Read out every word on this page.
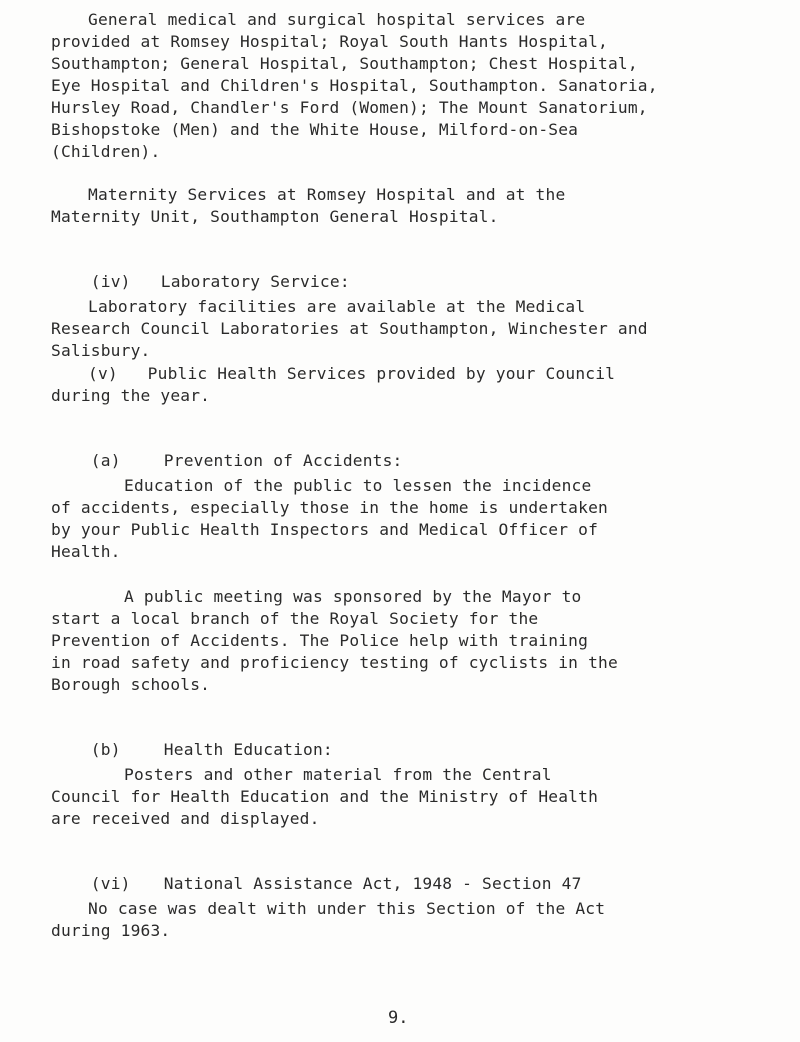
General medical and surgical hospital services are
provided at Romsey Hospital; Royal South Hants Hospital,
Southampton; General Hospital, Southampton; Chest Hospital,
Eye Hospital and Children's Hospital, Southampton. Sanatoria,
Hursley Road, Chandler's Ford (Women); The Mount Sanatorium,
Bishopstoke (Men) and the White House, Milford-on-Sea
(Children).
Maternity Services at Romsey Hospital and at the
Maternity Unit, Southampton General Hospital.

(iv) Laboratory Service:

Laboratory facilities are available at the Medical
Research Council Laboratories at Southampton, Winchester and
Salisbury.
(v)   Public Health Services provided by your Council
during the year.

(a)	Prevention of Accidents:

Education of the public to lessen the incidence
of accidents, especially those in the home is undertaken
by your Public Health Inspectors and Medical Officer of
Health.
A public meeting was sponsored by the Mayor to
start a local branch of the Royal Society for the
Prevention of Accidents. The Police help with training
in road safety and proficiency testing of cyclists in the
Borough schools.

(b)	Health Education:

Posters and other material from the Central
Council for Health Education and the Ministry of Health
are received and displayed.

(vi) National Assistance Act, 1948 - Section 47

No case was dealt with under this Section of the Act
during 1963.
9.
